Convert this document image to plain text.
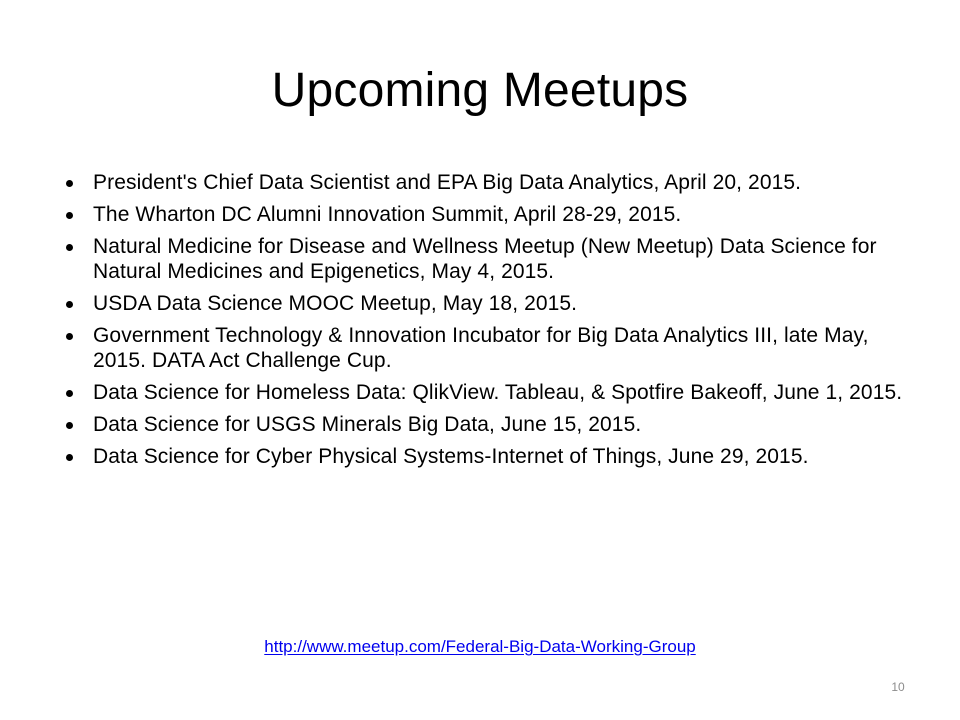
Upcoming Meetups
President's Chief Data Scientist and EPA Big Data Analytics, April 20, 2015.
The Wharton DC Alumni Innovation Summit, April 28-29, 2015.
Natural Medicine for Disease and Wellness Meetup (New Meetup) Data Science for Natural Medicines and Epigenetics, May 4, 2015.
USDA Data Science MOOC Meetup, May 18, 2015.
Government Technology & Innovation Incubator for Big Data Analytics III, late May, 2015. DATA Act Challenge Cup.
Data Science for Homeless Data: QlikView. Tableau, & Spotfire Bakeoff, June 1, 2015.
Data Science for USGS Minerals Big Data, June 15, 2015.
Data Science for Cyber Physical Systems-Internet of Things, June 29, 2015.
http://www.meetup.com/Federal-Big-Data-Working-Group
10
